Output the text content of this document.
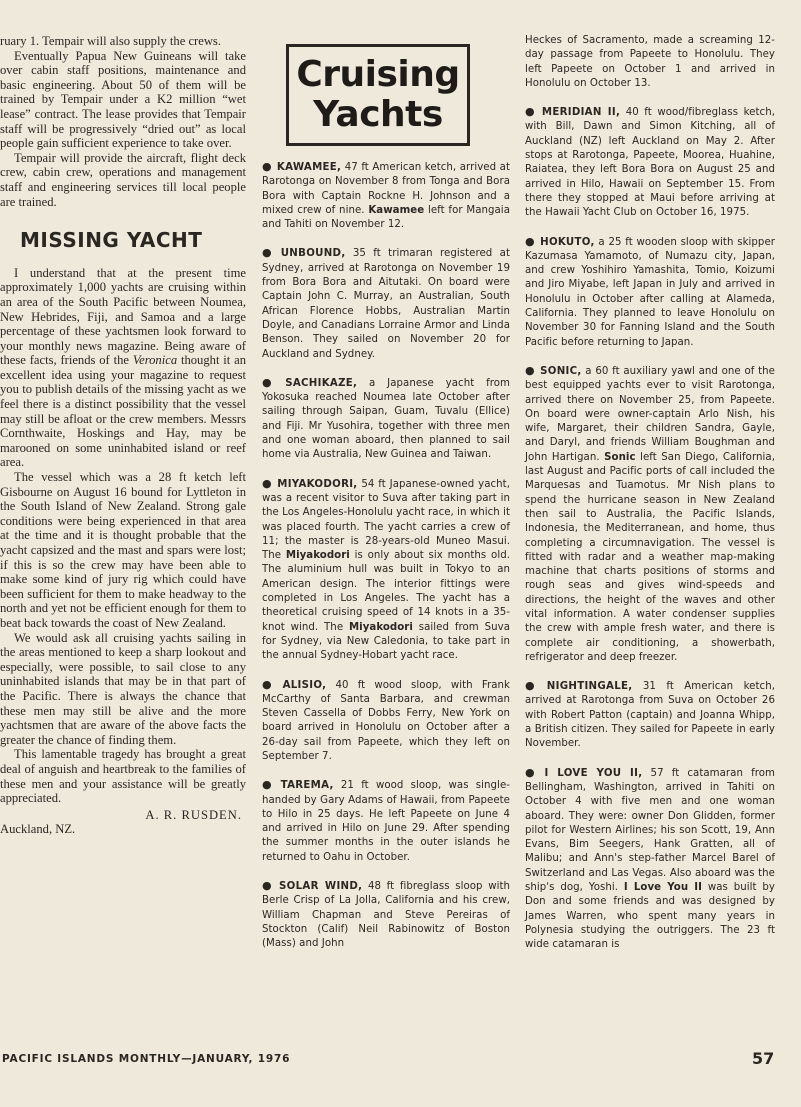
ruary 1. Tempair will also supply the crews.

Eventually Papua New Guineans will take over cabin staff positions, maintenance and basic engineering. About 50 of them will be trained by Tempair under a K2 million “wet lease” contract. The lease provides that Tempair staff will be progressively “dried out” as local people gain sufficient experience to take over.

Tempair will provide the aircraft, flight deck crew, cabin crew, operations and management staff and engineering services till local people are trained.

MISSING YACHT

I understand that at the present time approximately 1,000 yachts are cruising within an area of the South Pacific between Noumea, New Hebrides, Fiji, and Samoa and a large percentage of these yachtsmen look forward to your monthly news magazine. Being aware of these facts, friends of the Veronica thought it an excellent idea using your magazine to request you to publish details of the missing yacht as we feel there is a distinct possibility that the vessel may still be afloat or the crew members. Messrs Cornthwaite, Hoskings and Hay, may be marooned on some uninhabited island or reef area.

The vessel which was a 28 ft ketch left Gisbourne on August 16 bound for Lyttleton in the South Island of New Zealand. Strong gale conditions were being experienced in that area at the time and it is thought probable that the yacht capsized and the mast and spars were lost; if this is so the crew may have been able to make some kind of jury rig which could have been sufficient for them to make headway to the north and yet not be efficient enough for them to beat back towards the coast of New Zealand.

We would ask all cruising yachts sailing in the areas mentioned to keep a sharp lookout and especially, were possible, to sail close to any uninhabited islands that may be in that part of the Pacific. There is always the chance that these men may still be alive and the more yachtsmen that are aware of the above facts the greater the chance of finding them.

This lamentable tragedy has brought a great deal of anguish and heartbreak to the families of these men and your assistance will be greatly appreciated.

A. R. RUSDEN.

Auckland, NZ.

Cruising
Yachts

● KAWAMEE, 47 ft American ketch, arrived at Rarotonga on November 8 from Tonga and Bora Bora with Captain Rockne H. Johnson and a mixed crew of nine. Kawamee left for Mangaia and Tahiti on November 12.

● UNBOUND, 35 ft trimaran registered at Sydney, arrived at Rarotonga on November 19 from Bora Bora and Aitutaki. On board were Captain John C. Murray, an Australian, South African Florence Hobbs, Australian Martin Doyle, and Canadians Lorraine Armor and Linda Benson. They sailed on November 20 for Auckland and Sydney.

● SACHIKAZE, a Japanese yacht from Yokosuka reached Noumea late October after sailing through Saipan, Guam, Tuvalu (Ellice) and Fiji. Mr Yusohira, together with three men and one woman aboard, then planned to sail home via Australia, New Guinea and Taiwan.

● MIYAKODORI, 54 ft Japanese-owned yacht, was a recent visitor to Suva after taking part in the Los Angeles-Honolulu yacht race, in which it was placed fourth. The yacht carries a crew of 11; the master is 28-years-old Muneo Masui. The Miyakodori is only about six months old. The aluminium hull was built in Tokyo to an American design. The interior fittings were completed in Los Angeles. The yacht has a theoretical cruising speed of 14 knots in a 35-knot wind. The Miyakodori sailed from Suva for Sydney, via New Caledonia, to take part in the annual Sydney-Hobart yacht race.

● ALISIO, 40 ft wood sloop, with Frank McCarthy of Santa Barbara, and crewman Steven Cassella of Dobbs Ferry, New York on board arrived in Honolulu on October after a 26-day sail from Papeete, which they left on September 7.

● TAREMA, 21 ft wood sloop, was single-handed by Gary Adams of Hawaii, from Papeete to Hilo in 25 days. He left Papeete on June 4 and arrived in Hilo on June 29. After spending the summer months in the outer islands he returned to Oahu in October.

● SOLAR WIND, 48 ft fibreglass sloop with Berle Crisp of La Jolla, California and his crew, William Chapman and Steve Pereiras of Stockton (Calif) Neil Rabinowitz of Boston (Mass) and John

Heckes of Sacramento, made a screaming 12-day passage from Papeete to Honolulu. They left Papeete on October 1 and arrived in Honolulu on October 13.

● MERIDIAN II, 40 ft wood/fibreglass ketch, with Bill, Dawn and Simon Kitching, all of Auckland (NZ) left Auckland on May 2. After stops at Rarotonga, Papeete, Moorea, Huahine, Raiatea, they left Bora Bora on August 25 and arrived in Hilo, Hawaii on September 15. From there they stopped at Maui before arriving at the Hawaii Yacht Club on October 16, 1975.

● HOKUTO, a 25 ft wooden sloop with skipper Kazumasa Yamamoto, of Numazu city, Japan, and crew Yoshihiro Yamashita, Tomio, Koizumi and Jiro Miyabe, left Japan in July and arrived in Honolulu in October after calling at Alameda, California. They planned to leave Honolulu on November 30 for Fanning Island and the South Pacific before returning to Japan.

● SONIC, a 60 ft auxiliary yawl and one of the best equipped yachts ever to visit Rarotonga, arrived there on November 25, from Papeete. On board were owner-captain Arlo Nish, his wife, Margaret, their children Sandra, Gayle, and Daryl, and friends William Boughman and John Hartigan. Sonic left San Diego, California, last August and Pacific ports of call included the Marquesas and Tuamotus. Mr Nish plans to spend the hurricane season in New Zealand then sail to Australia, the Pacific Islands, Indonesia, the Mediterranean, and home, thus completing a circumnavigation. The vessel is fitted with radar and a weather map-making machine that charts positions of storms and rough seas and gives wind-speeds and directions, the height of the waves and other vital information. A water condenser supplies the crew with ample fresh water, and there is complete air conditioning, a showerbath, refrigerator and deep freezer.

● NIGHTINGALE, 31 ft American ketch, arrived at Rarotonga from Suva on October 26 with Robert Patton (captain) and Joanna Whipp, a British citizen. They sailed for Papeete in early November.

● I LOVE YOU II, 57 ft catamaran from Bellingham, Washington, arrived in Tahiti on October 4 with five men and one woman aboard. They were: owner Don Glidden, former pilot for Western Airlines; his son Scott, 19, Ann Evans, Bim Seegers, Hank Gratten, all of Malibu; and Ann's step-father Marcel Barel of Switzerland and Las Vegas. Also aboard was the ship's dog, Yoshi. I Love You II was built by Don and some friends and was designed by James Warren, who spent many years in Polynesia studying the outriggers. The 23 ft wide catamaran is

PACIFIC ISLANDS MONTHLY—JANUARY, 1976	57
